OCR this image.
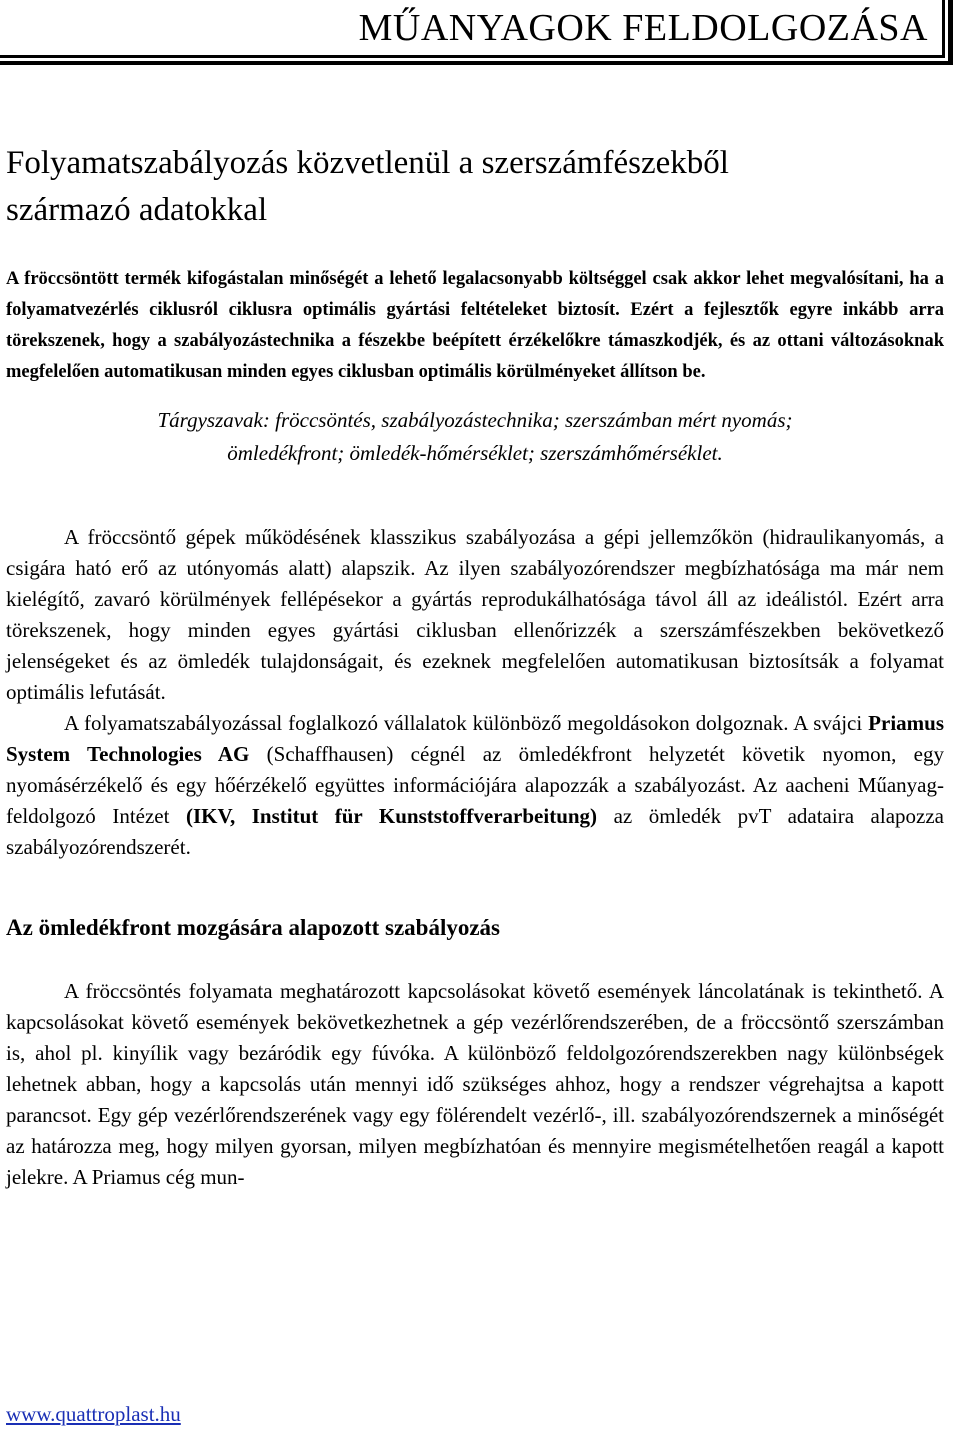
MŰANYAGOK FELDOLGOZÁSA
Folyamatszabályozás közvetlenül a szerszámfészekből
származó adatokkal

A fröccsöntött termék kifogástalan minőségét a lehető legalacsonyabb költséggel csak akkor lehet megvalósítani, ha a folyamatvezérlés ciklusról ciklusra optimális gyártási feltételeket biztosít. Ezért a fejlesztők egyre inkább arra törekszenek, hogy a szabályozástechnika a fészekbe beépített érzékelőkre támaszkodjék, és az ottani változásoknak megfelelően automatikusan minden egyes ciklusban optimális körülményeket állítson be.

Tárgyszavak: fröccsöntés, szabályozástechnika; szerszámban mért nyomás;
ömledékfront; ömledék-hőmérséklet; szerszámhőmérséklet.

A fröccsöntő gépek működésének klasszikus szabályozása a gépi jellemzőkön (hidraulikanyomás, a csigára ható erő az utónyomás alatt) alapszik. Az ilyen szabályozórendszer megbízhatósága ma már nem kielégítő, zavaró körülmények fellépésekor a gyártás reprodukálhatósága távol áll az ideálistól. Ezért arra törekszenek, hogy minden egyes gyártási ciklusban ellenőrizzék a szerszámfészekben bekövetkező jelenségeket és az ömledék tulajdonságait, és ezeknek megfelelően automatikusan biztosítsák a folyamat optimális lefutását.

A folyamatszabályozással foglalkozó vállalatok különböző megoldásokon dolgoznak. A svájci Priamus System Technologies AG (Schaffhausen) cégnél az ömledékfront helyzetét követik nyomon, egy nyomásérzékelő és egy hőérzékelő együttes információjára alapozzák a szabályozást. Az aacheni Műanyag-feldolgozó Intézet (IKV, Institut für Kunststoffverarbeitung) az ömledék pvT adataira alapozza szabályozórendszerét.

Az ömledékfront mozgására alapozott szabályozás

A fröccsöntés folyamata meghatározott kapcsolásokat követő események láncolatának is tekinthető. A kapcsolásokat követő események bekövetkezhetnek a gép vezérlőrendszerében, de a fröccsöntő szerszámban is, ahol pl. kinyílik vagy bezáródik egy fúvóka. A különböző feldolgozórendszerekben nagy különbségek lehetnek abban, hogy a kapcsolás után mennyi idő szükséges ahhoz, hogy a rendszer végrehajtsa a kapott parancsot. Egy gép vezérlőrendszerének vagy egy fölérendelt vezérlő-, ill. szabályozórendszernek a minőségét az határozza meg, hogy milyen gyorsan, milyen megbízhatóan és mennyire megismételhetően reagál a kapott jelekre. A Priamus cég mun-

www.quattroplast.hu
